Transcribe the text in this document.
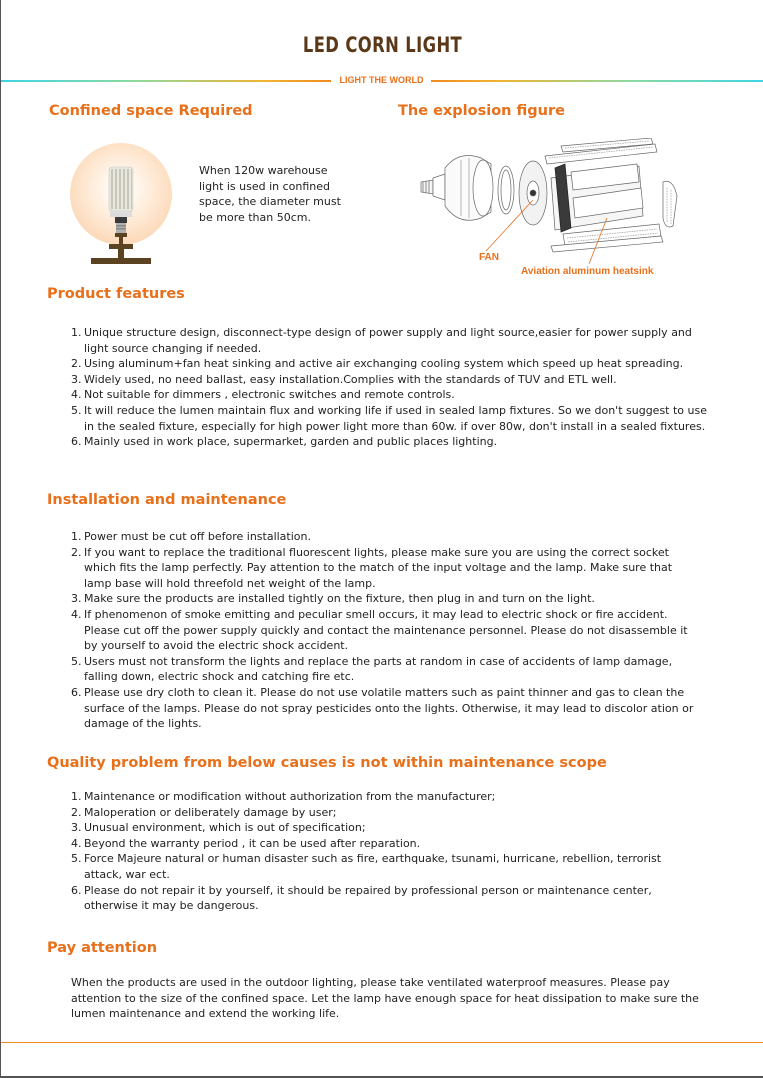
LED CORN LIGHT
LIGHT THE WORLD
Confined space Required
When 120w warehouse light is used in confined space, the diameter must be more than 50cm.
The explosion figure
FAN
Aviation aluminum heatsink
Product features
1. Unique structure design, disconnect-type design of power supply and light source,easier for power supply and light source changing if needed.
2. Using aluminum+fan heat sinking and active air exchanging cooling system which speed up heat spreading.
3. Widely used, no need ballast, easy installation.Complies with the standards of TUV and ETL well.
4. Not suitable for dimmers , electronic switches and remote controls.
5. It will reduce the lumen maintain flux and working life if used in sealed lamp fixtures. So we don't suggest to use in the sealed fixture, especially for high power light more than 60w. if over 80w, don't install in a sealed fixtures.
6. Mainly used in work place, supermarket, garden and public places lighting.
Installation and maintenance
1. Power must be cut off before installation.
2. If you want to replace the traditional fluorescent lights, please make sure you are using the correct socket which fits the lamp perfectly. Pay attention to the match of the input voltage and the lamp. Make sure that lamp base will hold threefold net weight of the lamp.
3. Make sure the products are installed tightly on the fixture, then plug in and turn on the light.
4. If phenomenon of smoke emitting and peculiar smell occurs, it may lead to electric shock or fire accident. Please cut off the power supply quickly and contact the maintenance personnel. Please do not disassemble it by yourself to avoid the electric shock accident.
5. Users must not transform the lights and replace the parts at random in case of accidents of lamp damage, falling down, electric shock and catching fire etc.
6. Please use dry cloth to clean it. Please do not use volatile matters such as paint thinner and gas to clean the surface of the lamps. Please do not spray pesticides onto the lights. Otherwise, it may lead to discolor ation or damage of the lights.
Quality problem from below causes is not within maintenance scope
1. Maintenance or modification without authorization from the manufacturer;
2. Maloperation or deliberately damage by user;
3. Unusual environment, which is out of specification;
4. Beyond the warranty period , it can be used after reparation.
5. Force Majeure natural or human disaster such as fire, earthquake, tsunami, hurricane, rebellion, terrorist attack, war ect.
6. Please do not repair it by yourself, it should be repaired by professional person or maintenance center, otherwise it may be dangerous.
Pay attention
When the products are used in the outdoor lighting, please take ventilated waterproof measures. Please pay attention to the size of the confined space. Let the lamp have enough space for heat dissipation to make sure the lumen maintenance and extend the working life.
